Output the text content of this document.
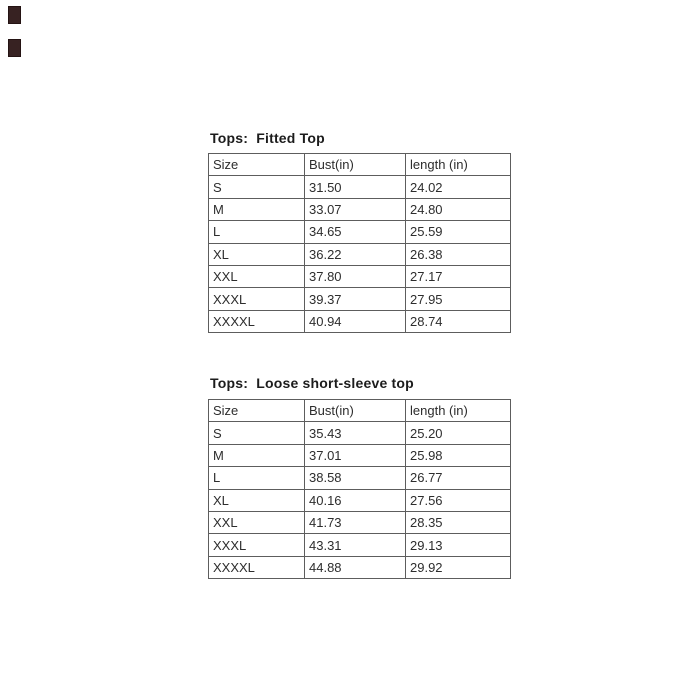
Tops:  Fitted Top
Size	Bust(in)	length (in)
S	31.50	24.02
M	33.07	24.80
L	34.65	25.59
XL	36.22	26.38
XXL	37.80	27.17
XXXL	39.37	27.95
XXXXL	40.94	28.74
Tops:  Loose short-sleeve top
Size	Bust(in)	length (in)
S	35.43	25.20
M	37.01	25.98
L	38.58	26.77
XL	40.16	27.56
XXL	41.73	28.35
XXXL	43.31	29.13
XXXXL	44.88	29.92
